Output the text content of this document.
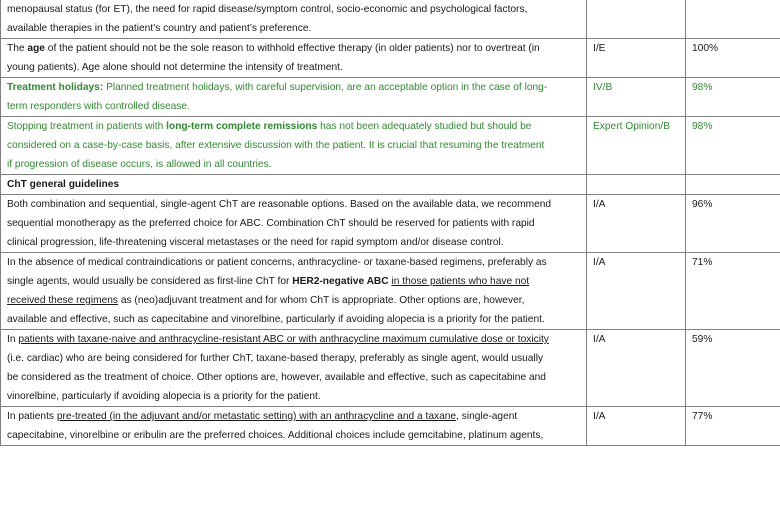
menopausal status (for ET), the need for rapid disease/symptom control, socio-economic and psychological factors,
available therapies in the patient’s country and patient’s preference.		
The age of the patient should not be the sole reason to withhold effective therapy (in older patients) nor to overtreat (in
young patients). Age alone should not determine the intensity of treatment.	I/E	100%
Treatment holidays: Planned treatment holidays, with careful supervision, are an acceptable option in the case of long-
term responders with controlled disease.	IV/B	98%
Stopping treatment in patients with long-term complete remissions has not been adequately studied but should be
considered on a case-by-case basis, after extensive discussion with the patient. It is crucial that resuming the treatment
if progression of disease occurs, is allowed in all countries.	Expert Opinion/B	98%
ChT general guidelines		
Both combination and sequential, single-agent ChT are reasonable options. Based on the available data, we recommend
sequential monotherapy as the preferred choice for ABC. Combination ChT should be reserved for patients with rapid
clinical progression, life-threatening visceral metastases or the need for rapid symptom and/or disease control.	I/A	96%
In the absence of medical contraindications or patient concerns, anthracycline- or taxane-based regimens, preferably as
single agents, would usually be considered as first-line ChT for HER2-negative ABC in those patients who have not
received these regimens as (neo)adjuvant treatment and for whom ChT is appropriate. Other options are, however,
available and effective, such as capecitabine and vinorelbine, particularly if avoiding alopecia is a priority for the patient.	I/A	71%
In patients with taxane-naive and anthracycline-resistant ABC or with anthracycline maximum cumulative dose or toxicity
(i.e. cardiac) who are being considered for further ChT, taxane-based therapy, preferably as single agent, would usually
be considered as the treatment of choice. Other options are, however, available and effective, such as capecitabine and
vinorelbine, particularly if avoiding alopecia is a priority for the patient.	I/A	59%
In patients pre-treated (in the adjuvant and/or metastatic setting) with an anthracycline and a taxane, single-agent
capecitabine, vinorelbine or eribulin are the preferred choices. Additional choices include gemcitabine, platinum agents,	I/A	77%
